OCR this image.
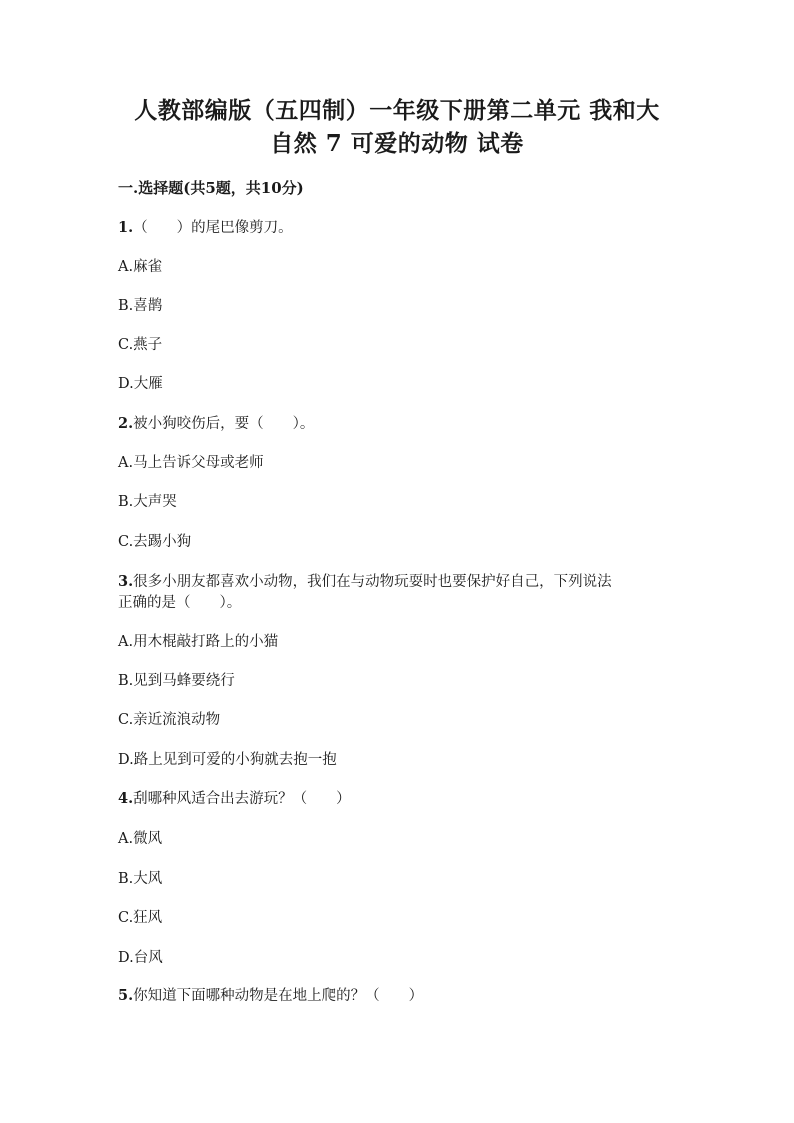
人教部编版（五四制）一年级下册第二单元 我和大
自然 7 可爱的动物 试卷
一.选择题(共5题，共10分)
1.（　　）的尾巴像剪刀。
A.麻雀
B.喜鹊
C.燕子
D.大雁
2.被小狗咬伤后，要（　　）。
A.马上告诉父母或老师
B.大声哭
C.去踢小狗
3.很多小朋友都喜欢小动物，我们在与动物玩耍时也要保护好自己，下列说法
正确的是（　　）。
A.用木棍敲打路上的小猫
B.见到马蜂要绕行
C.亲近流浪动物
D.路上见到可爱的小狗就去抱一抱
4.刮哪种风适合出去游玩？（　　）
A.微风
B.大风
C.狂风
D.台风
5.你知道下面哪种动物是在地上爬的？（　　）
